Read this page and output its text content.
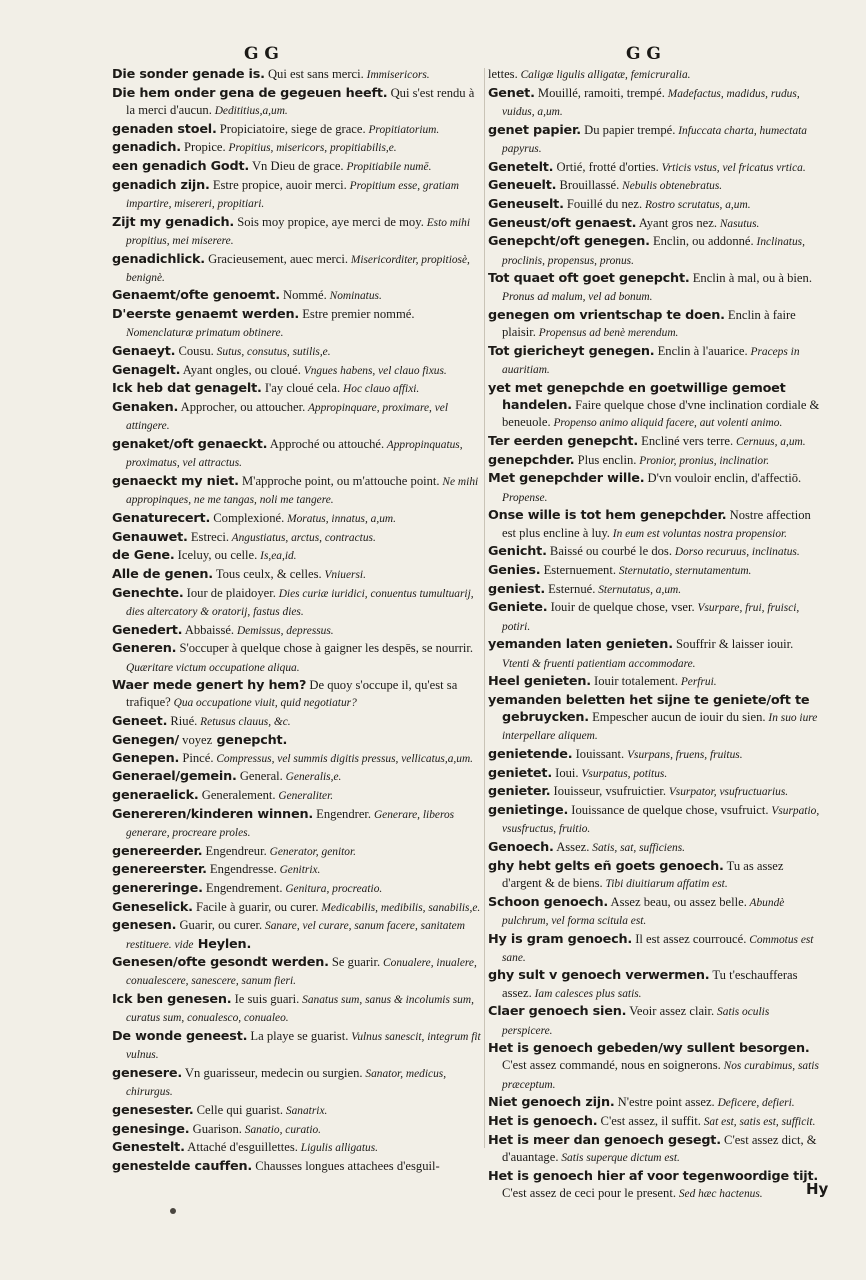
G G	G G
Die sonder genade is. Qui est sans merci. Immisericors.
Die hem onder gena de gegeuen heeft. Qui s'est rendu à la merci d'aucun. Dedititius,a,um.
genaden stoel. Propiciatoire, siege de grace. Propitiatorium.
genadich. Propice. Propitius, misericors, propitiabilis,e.
een genadich Godt. Vn Dieu de grace. Propitiabile numē.
genadich zijn. Estre propice, auoir merci. Propitium esse, gratiam impartire, misereri, propitiari.
Zijt my genadich. Sois moy propice, aye merci de moy. Esto mihi propitius, mei miserere.
genadichlick. Gracieusement, auec merci. Misericorditer, propitiosè, benignè.
Genaemt/ofte genoemt. Nommé. Nominatus.
D'eerste genaemt werden. Estre premier nommé. Nomenclaturæ primatum obtinere.
Genaeyt. Cousu. Sutus, consutus, sutilis,e.
Genagelt. Ayant ongles, ou cloué. Vngues habens, vel clauo fixus.
Ick heb dat genagelt. I'ay cloué cela. Hoc clauo affixi.
Genaken. Approcher, ou attoucher. Appropinquare, proximare, vel attingere.
genaket/oft genaeckt. Approché ou attouché. Appropinquatus, proximatus, vel attractus.
genaeckt my niet. M'approche point, ou m'attouche point. Ne mihi appropinques, ne me tangas, noli me tangere.
Genaturecert. Complexioné. Moratus, innatus, a,um.
Genauwet. Estreci. Angustiatus, arctus, contractus.
de Gene. Iceluy, ou celle. Is,ea,id.
Alle de genen. Tous ceulx, & celles. Vniuersi.
Genechte. Iour de plaidoyer. Dies curiæ iuridici, conuentus tumultuarij, dies altercatory & oratorij, fastus dies.
Genedert. Abbaissé. Demissus, depressus.
Generen. S'occuper à quelque chose à gaigner les despēs, se nourrir. Quæritare victum occupatione aliqua.
Waer mede genert hy hem? De quoy s'occupe il, qu'est sa trafique? Qua occupatione viuit, quid negotiatur?
Geneet. Riué. Retusus clauus, &c.
Genegen/ voyez genepcht.
Genepen. Pincé. Compressus, vel summis digitis pressus, vellicatus,a,um.
Generael/gemein. General. Generalis,e.
generaelick. Generalement. Generaliter.
Genereren/kinderen winnen. Engendrer. Generare, liberos generare, procreare proles.
genereerder. Engendreur. Generator, genitor.
genereerster. Engendresse. Genitrix.
genereringe. Engendrement. Genitura, procreatio.
Geneselick. Facile à guarir, ou curer. Medicabilis, medibilis, sanabilis,e.
genesen. Guarir, ou curer. Sanare, vel curare, sanum facere, sanitatem restituere. vide Heylen.
Genesen/ofte gesondt werden. Se guarir. Conualere, inualere, conualescere, sanescere, sanum fieri.
Ick ben genesen. Ie suis guari. Sanatus sum, sanus & incolumis sum, curatus sum, conualesco, conualeo.
De wonde geneest. La playe se guarist. Vulnus sanescit, integrum fit vulnus.
genesere. Vn guarisseur, medecin ou surgien. Sanator, medicus, chirurgus.
genesester. Celle qui guarist. Sanatrix.
genesinge. Guarison. Sanatio, curatio.
Genestelt. Attaché d'esguillettes. Ligulis alligatus.
genestelde cauffen. Chausses longues attachees d'esguil-
lettes. Caligæ ligulis alligatæ, femicruralia.
Genet. Mouillé, ramoiti, trempé. Madefactus, madidus, rudus, vuidus, a,um.
genet papier. Du papier trempé. Infuccata charta, humectata papyrus.
Genetelt. Ortié, frotté d'orties. Vrticis vstus, vel fricatus vrtica.
Geneuelt. Brouillassé. Nebulis obtenebratus.
Geneuselt. Fouillé du nez. Rostro scrutatus, a,um.
Geneust/oft genaest. Ayant gros nez. Nasutus.
Genepcht/oft genegen. Enclin, ou addonné. Inclinatus, proclinis, propensus, pronus.
Tot quaet oft goet genepcht. Enclin à mal, ou à bien. Pronus ad malum, vel ad bonum.
genegen om vrientschap te doen. Enclin à faire plaisir. Propensus ad benè merendum.
Tot giericheyt genegen. Enclin à l'auarice. Praceps in auaritiam.
yet met genepchde en goetwillige gemoet handelen. Faire quelque chose d'vne inclination cordiale & beneuole. Propenso animo aliquid facere, aut volenti animo.
Ter eerden genepcht. Encliné vers terre. Cernuus, a,um.
genepchder. Plus enclin. Pronior, pronius, inclinatior.
Met genepchder wille. D'vn vouloir enclin, d'affectiō. Propense.
Onse wille is tot hem genepchder. Nostre affection est plus encline à luy. In eum est voluntas nostra propensior.
Genicht. Baissé ou courbé le dos. Dorso recuruus, inclinatus.
Genies. Esternuement. Sternutatio, sternutamentum.
geniest. Esternué. Sternutatus, a,um.
Geniete. Iouir de quelque chose, vser. Vsurpare, frui, fruisci, potiri.
yemanden laten genieten. Souffrir & laisser iouir. Vtenti & fruenti patientiam accommodare.
Heel genieten. Iouir totalement. Perfrui.
yemanden beletten het sijne te geniete/oft te gebruycken. Empescher aucun de iouir du sien. In suo iure interpellare aliquem.
genietende. Iouissant. Vsurpans, fruens, fruitus.
genietet. Ioui. Vsurpatus, potitus.
genieter. Iouisseur, vsufruictier. Vsurpator, vsufructuarius.
genietinge. Iouissance de quelque chose, vsufruict. Vsurpatio, vsusfructus, fruitio.
Genoech. Assez. Satis, sat, sufficiens.
ghy hebt gelts eñ goets genoech. Tu as assez d'argent & de biens. Tibi diuitiarum affatim est.
Schoon genoech. Assez beau, ou assez belle. Abundè pulchrum, vel forma scitula est.
Hy is gram genoech. Il est assez courroucé. Commotus est sane.
ghy sult v genoech verwermen. Tu t'eschaufferas assez. Iam calesces plus satis.
Claer genoech sien. Veoir assez clair. Satis oculis perspicere.
Het is genoech gebeden/wy sullent besorgen. C'est assez commandé, nous en soignerons. Nos curabimus, satis præceptum.
Niet genoech zijn. N'estre point assez. Deficere, defieri.
Het is genoech. C'est assez, il suffit. Sat est, satis est, sufficit.
Het is meer dan genoech gesegt. C'est assez dict, & d'auantage. Satis superque dictum est.
Het is genoech hier af voor tegenwoordige tijt. C'est assez de ceci pour le present. Sed hæc hactenus.	Hy
